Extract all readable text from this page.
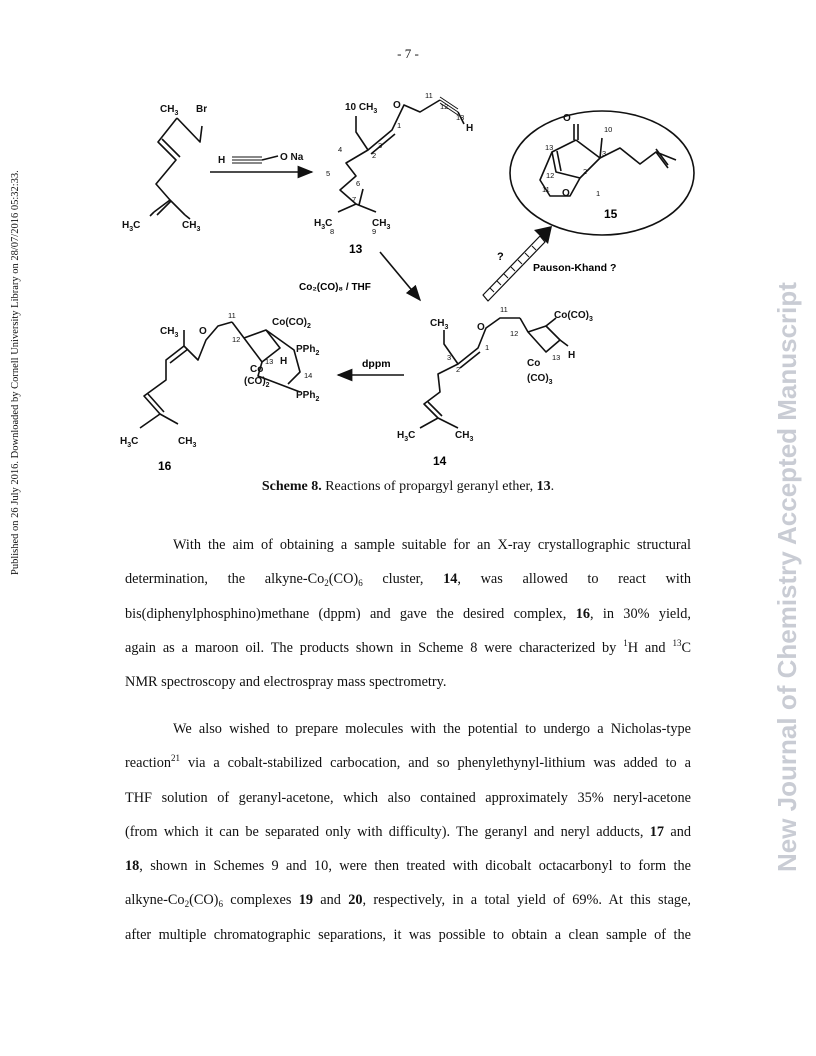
- 7 -
Published on 26 July 2016. Downloaded by Cornell University Library on 28/07/2016 05:32:33.	New Journal of Chemistry Accepted Manuscript
$CH_3$ Br
$H_3C$	$CH_3$
H	O Na
10 $CH_3$
O
H
$H_3C$	$CH_3$
O
O
$CH_3$	O
$Co(CO)_3$
Co
$(CO)_3$
H
$H_3C$	$CH_3$
$CH_3$ O
$Co(CO)_2$
Co
$(CO)_2$
H
PPh$_2$
PPh$_2$
$H_3C$	$CH_3$
11
12
13
1
3
2
4
5
6
7
8	9
10
13
12
3
2
11	1
11
12
13
3
1
2
11
12
13
14
Co₂(CO)₈ / THF
Pauson-Khand ?
?
dppm
13
14
15
16
Scheme 8. Reactions of propargyl geranyl ether, 13.
With the aim of obtaining a sample suitable for an X-ray crystallographic structural
determination, the alkyne-$Co_2(CO)_6$ cluster, 14, was allowed to react with
bis(diphenylphosphino)methane (dppm) and gave the desired complex, 16, in 30% yield,
again as a maroon oil. The products shown in Scheme 8 were characterized by $^1$H and $^{13}$C
NMR spectroscopy and electrospray mass spectrometry.
We also wished to prepare molecules with the potential to undergo a Nicholas-type
reaction$^{21}$ via a cobalt-stabilized carbocation, and so phenylethynyl-lithium was added to a
THF solution of geranyl-acetone, which also contained approximately 35% neryl-acetone
(from which it can be separated only with difficulty). The geranyl and neryl adducts, 17 and
18, shown in Schemes 9 and 10, were then treated with dicobalt octacarbonyl to form the
alkyne-$Co_2(CO)_6$ complexes 19 and 20, respectively, in a total yield of 69%. At this stage,
after multiple chromatographic separations, it was possible to obtain a clean sample of the
